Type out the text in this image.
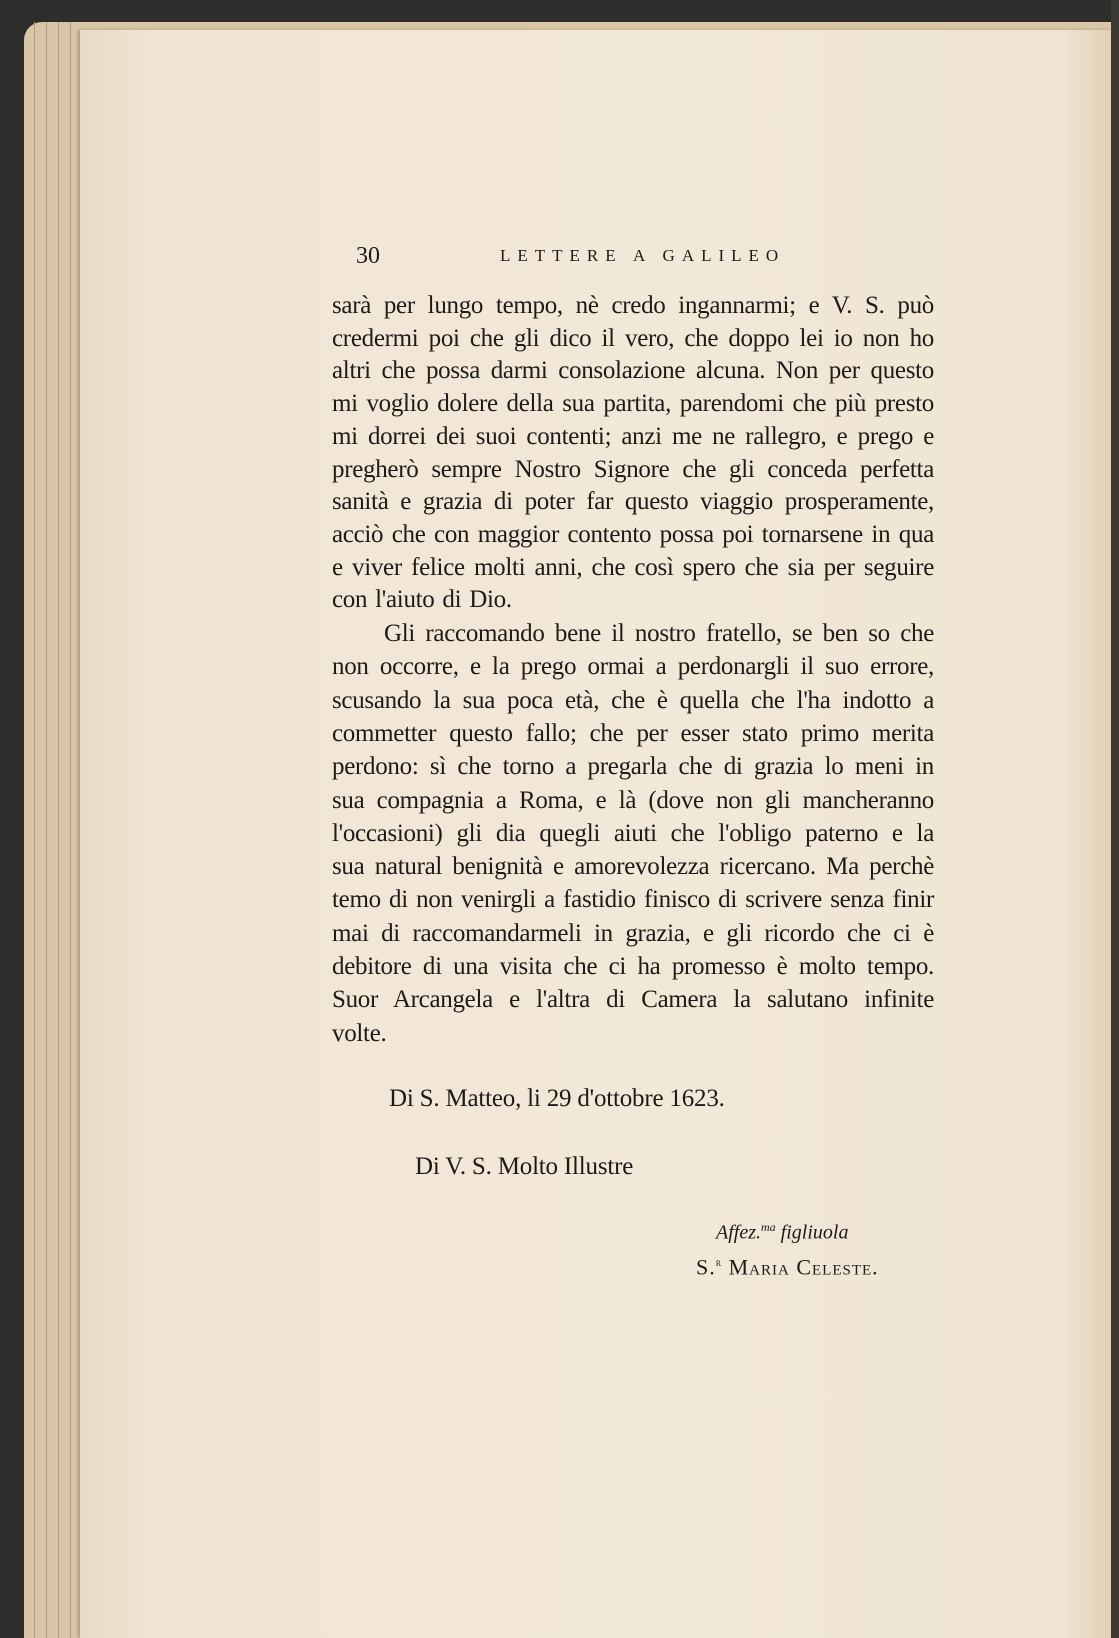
30	LETTERE A GALILEO
sarà per lungo tempo, nè credo ingannarmi; e V. S. può
credermi poi che gli dico il vero, che doppo lei io non ho
altri che possa darmi consolazione alcuna. Non per questo
mi voglio dolere della sua partita, parendomi che più presto
mi dorrei dei suoi contenti; anzi me ne rallegro, e prego e
pregherò sempre Nostro Signore che gli conceda perfetta
sanità e grazia di poter far questo viaggio prosperamente,
acciò che con maggior contento possa poi tornarsene in qua
e viver felice molti anni, che così spero che sia per seguire
con l'aiuto di Dio.
Gli raccomando bene il nostro fratello, se ben so che
non occorre, e la prego ormai a perdonargli il suo errore,
scusando la sua poca età, che è quella che l'ha indotto a
commetter questo fallo; che per esser stato primo merita
perdono: sì che torno a pregarla che di grazia lo meni in
sua compagnia a Roma, e là (dove non gli mancheranno
l'occasioni) gli dia quegli aiuti che l'obligo paterno e la
sua natural benignità e amorevolezza ricercano. Ma perchè
temo di non venirgli a fastidio finisco di scrivere senza finir
mai di raccomandarmeli in grazia, e gli ricordo che ci è
debitore di una visita che ci ha promesso è molto tempo.
Suor Arcangela e l'altra di Camera la salutano infinite
volte.
Di S. Matteo, li 29 d'ottobre 1623.
Di V. S. Molto Illustre
Affez.$^{ma}$ figliuola
S.$^r$ Maria Celeste.
